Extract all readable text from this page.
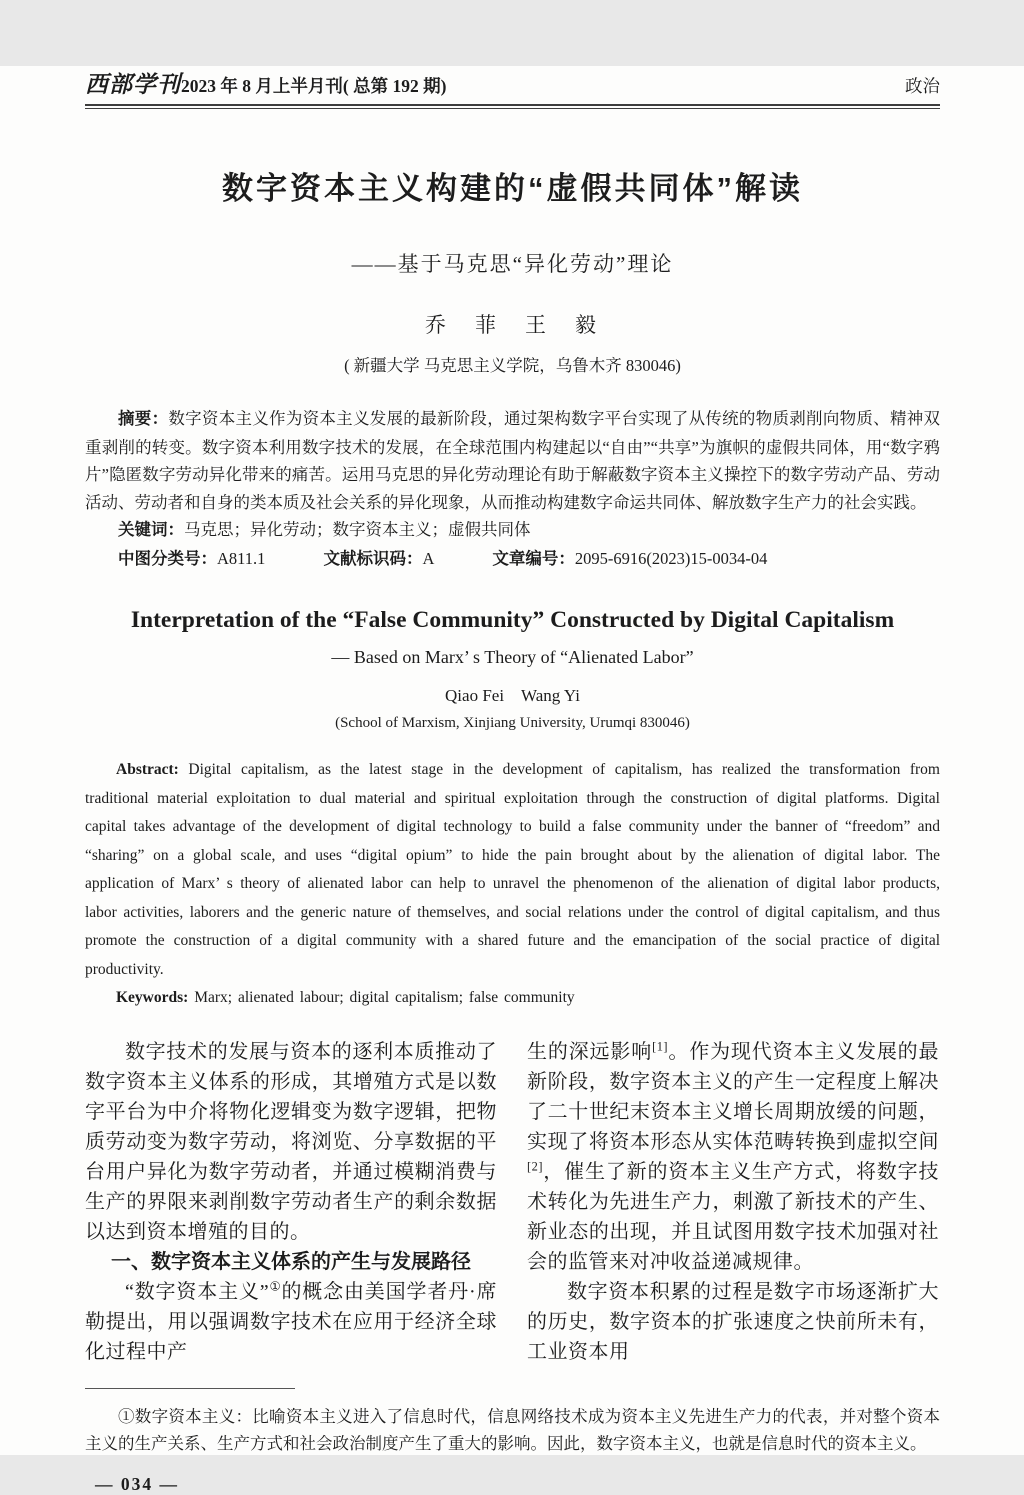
西部学刊 2023 年 8 月上半月刊( 总第 192 期)	政治
数字资本主义构建的“虚假共同体”解读
——基于马克思“异化劳动”理论
乔　菲　王　毅
( 新疆大学 马克思主义学院，乌鲁木齐 830046)

摘要：数字资本主义作为资本主义发展的最新阶段，通过架构数字平台实现了从传统的物质剥削向物质、精神双重剥削的转变。数字资本利用数字技术的发展，在全球范围内构建起以“自由”“共享”为旗帜的虚假共同体，用“数字鸦片”隐匿数字劳动异化带来的痛苦。运用马克思的异化劳动理论有助于解蔽数字资本主义操控下的数字劳动产品、劳动活动、劳动者和自身的类本质及社会关系的异化现象，从而推动构建数字命运共同体、解放数字生产力的社会实践。

关键词：马克思；异化劳动；数字资本主义；虚假共同体

中图分类号：A811.1	文献标识码：A	文章编号：2095-6916(2023)15-0034-04

Interpretation of the “False Community” Constructed by Digital Capitalism
— Based on Marx’ s Theory of “Alienated Labor”
Qiao Fei　Wang Yi
(School of Marxism, Xinjiang University, Urumqi 830046)

Abstract: Digital capitalism, as the latest stage in the development of capitalism, has realized the transformation from traditional material exploitation to dual material and spiritual exploitation through the construction of digital platforms. Digital capital takes advantage of the development of digital technology to build a false community under the banner of “freedom” and “sharing” on a global scale, and uses “digital opium” to hide the pain brought about by the alienation of digital labor. The application of Marx’ s theory of alienated labor can help to unravel the phenomenon of the alienation of digital labor products, labor activities, laborers and the generic nature of themselves, and social relations under the control of digital capitalism, and thus promote the construction of a digital community with a shared future and the emancipation of the social practice of digital productivity.

Keywords: Marx; alienated labour; digital capitalism; false community

数字技术的发展与资本的逐利本质推动了数字资本主义体系的形成，其增殖方式是以数字平台为中介将物化逻辑变为数字逻辑，把物质劳动变为数字劳动，将浏览、分享数据的平台用户异化为数字劳动者，并通过模糊消费与生产的界限来剥削数字劳动者生产的剩余数据以达到资本增殖的目的。

一、数字资本主义体系的产生与发展路径

“数字资本主义”①的概念由美国学者丹·席勒提出，用以强调数字技术在应用于经济全球化过程中产

生的深远影响[1]。作为现代资本主义发展的最新阶段，数字资本主义的产生一定程度上解决了二十世纪末资本主义增长周期放缓的问题，实现了将资本形态从实体范畴转换到虚拟空间[2]，催生了新的资本主义生产方式，将数字技术转化为先进生产力，刺激了新技术的产生、新业态的出现，并且试图用数字技术加强对社会的监管来对冲收益递减规律。

数字资本积累的过程是数字市场逐渐扩大的历史，数字资本的扩张速度之快前所未有，工业资本用

①数字资本主义：比喻资本主义进入了信息时代，信息网络技术成为资本主义先进生产力的代表，并对整个资本主义的生产关系、生产方式和社会政治制度产生了重大的影响。因此，数字资本主义，也就是信息时代的资本主义。

— 034 —
